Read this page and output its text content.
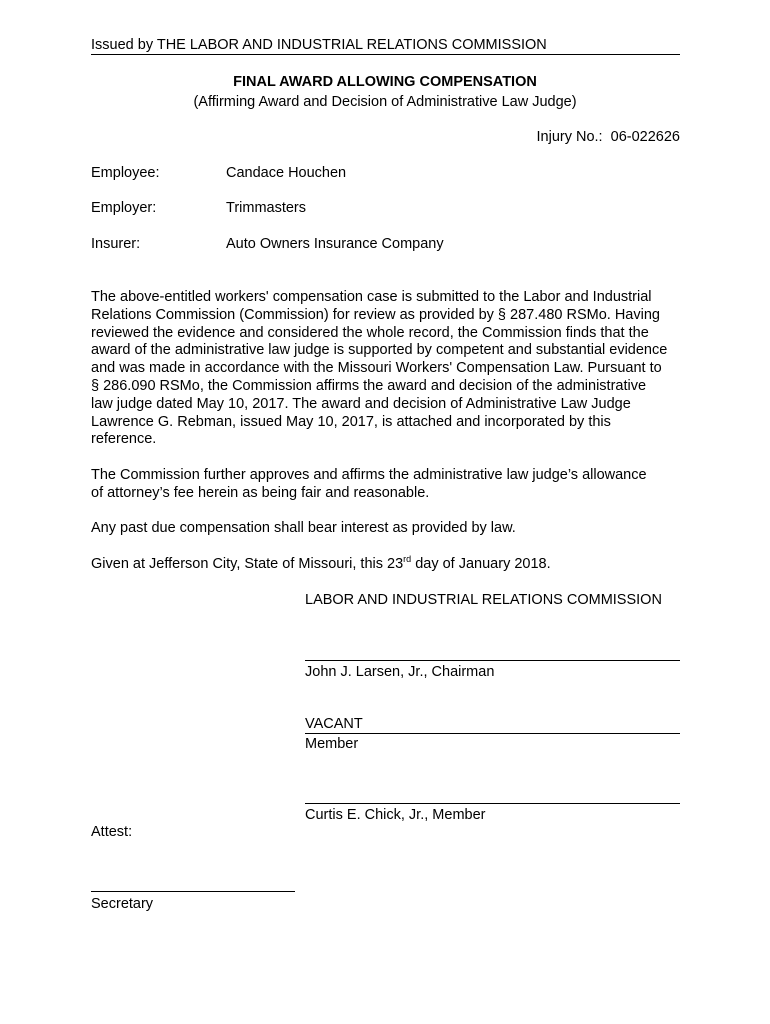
Issued by THE LABOR AND INDUSTRIAL RELATIONS COMMISSION
FINAL AWARD ALLOWING COMPENSATION
(Affirming Award and Decision of Administrative Law Judge)
Injury No.: 06-022626
Employee:	Candace Houchen
Employer:	Trimmasters
Insurer:	Auto Owners Insurance Company
The above-entitled workers' compensation case is submitted to the Labor and Industrial
Relations Commission (Commission) for review as provided by § 287.480 RSMo. Having
reviewed the evidence and considered the whole record, the Commission finds that the
award of the administrative law judge is supported by competent and substantial evidence
and was made in accordance with the Missouri Workers' Compensation Law. Pursuant to
§ 286.090 RSMo, the Commission affirms the award and decision of the administrative
law judge dated May 10, 2017. The award and decision of Administrative Law Judge
Lawrence G. Rebman, issued May 10, 2017, is attached and incorporated by this
reference.
The Commission further approves and affirms the administrative law judge’s allowance
of attorney’s fee herein as being fair and reasonable.
Any past due compensation shall bear interest as provided by law.
Given at Jefferson City, State of Missouri, this 23rd day of January 2018.
LABOR AND INDUSTRIAL RELATIONS COMMISSION
John J. Larsen, Jr., Chairman
VACANT
Member
Curtis E. Chick, Jr., Member
Attest:
Secretary
